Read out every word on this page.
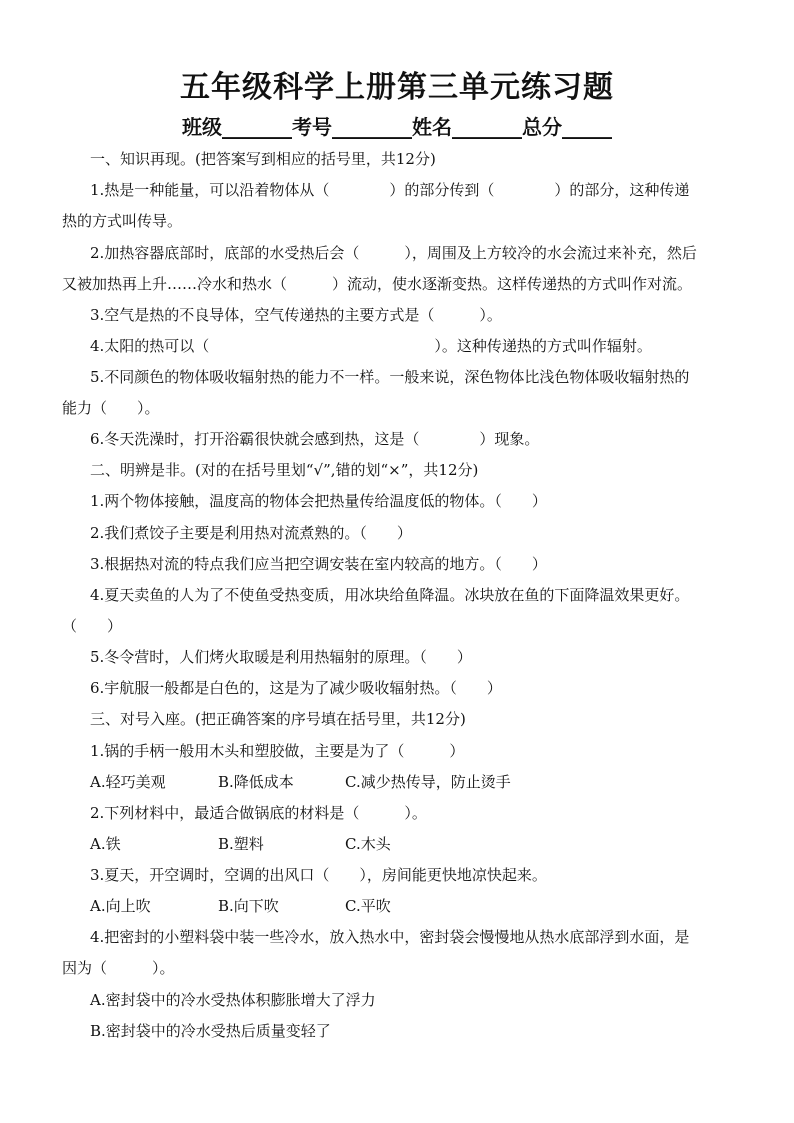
五年级科学上册第三单元练习题
班级_______考号________姓名_______总分_____
一、知识再现。(把答案写到相应的括号里，共12分)
1.热是一种能量，可以沿着物体从（　　　　）的部分传到（　　　　）的部分，这种传递
热的方式叫传导。
2.加热容器底部时，底部的水受热后会（　　　），周围及上方较冷的水会流过来补充，然后
又被加热再上升……冷水和热水（　　　）流动，使水逐渐变热。这样传递热的方式叫作对流。
3.空气是热的不良导体，空气传递热的主要方式是（　　　）。
4.太阳的热可以（　　　　　　　　　　　　　　　）。这种传递热的方式叫作辐射。
5.不同颜色的物体吸收辐射热的能力不一样。一般来说，深色物体比浅色物体吸收辐射热的
能力（　　）。
6.冬天洗澡时，打开浴霸很快就会感到热，这是（　　　　）现象。
二、明辨是非。(对的在括号里划“√”,错的划“×”，共12分)
1.两个物体接触，温度高的物体会把热量传给温度低的物体。（　　）
2.我们煮饺子主要是利用热对流煮熟的。（　　）
3.根据热对流的特点我们应当把空调安装在室内较高的地方。（　　）
4.夏天卖鱼的人为了不使鱼受热变质，用冰块给鱼降温。冰块放在鱼的下面降温效果更好。
（　　）
5.冬令营时，人们烤火取暖是利用热辐射的原理。（　　）
6.宇航服一般都是白色的，这是为了减少吸收辐射热。（　　）
三、对号入座。(把正确答案的序号填在括号里，共12分)
1.锅的手柄一般用木头和塑胶做，主要是为了（　　　）
A.轻巧美观	B.降低成本	C.减少热传导，防止烫手
2.下列材料中，最适合做锅底的材料是（　　　）。
A.铁	B.塑料	C.木头
3.夏天，开空调时，空调的出风口（　　），房间能更快地凉快起来。
A.向上吹	B.向下吹	C.平吹
4.把密封的小塑料袋中装一些冷水，放入热水中，密封袋会慢慢地从热水底部浮到水面，是
因为（　　　）。
A.密封袋中的冷水受热体积膨胀增大了浮力
B.密封袋中的冷水受热后质量变轻了
